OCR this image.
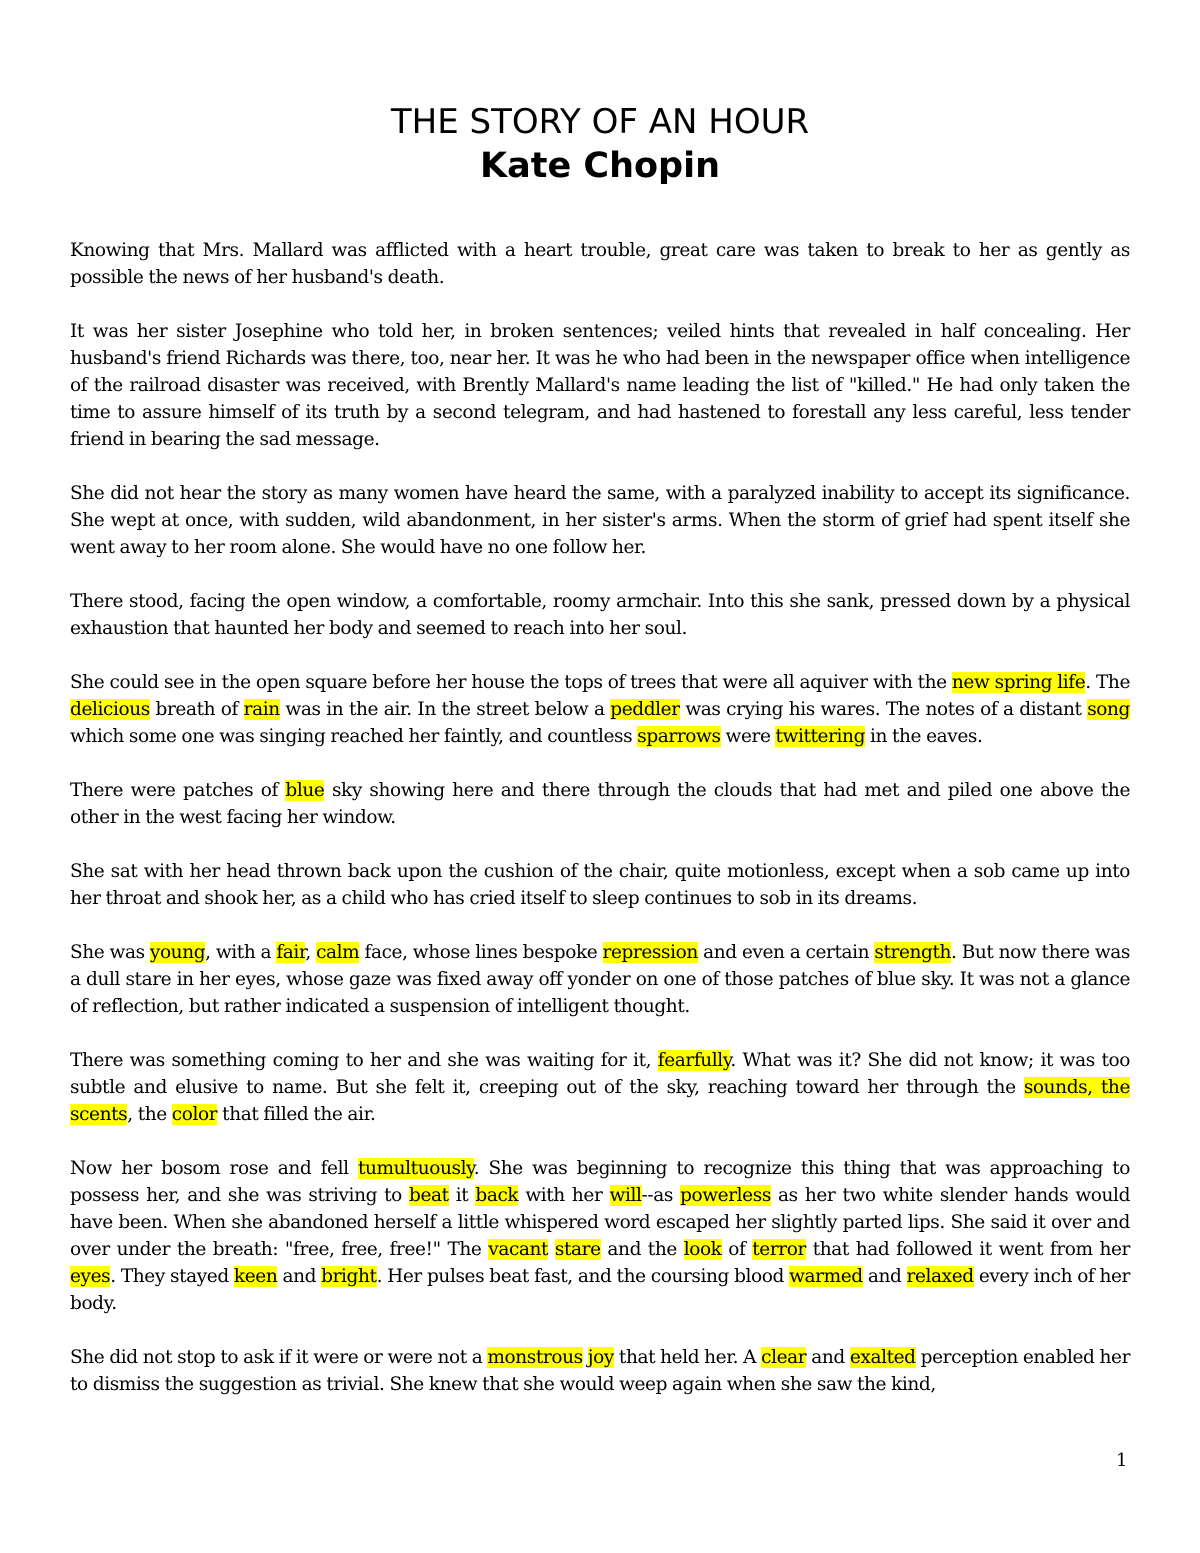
THE STORY OF AN HOUR
Kate Chopin

Knowing that Mrs. Mallard was afflicted with a heart trouble, great care was taken to break to her as gently as possible the news of her husband's death.

It was her sister Josephine who told her, in broken sentences; veiled hints that revealed in half concealing. Her husband's friend Richards was there, too, near her. It was he who had been in the newspaper office when intelligence of the railroad disaster was received, with Brently Mallard's name leading the list of "killed." He had only taken the time to assure himself of its truth by a second telegram, and had hastened to forestall any less careful, less tender friend in bearing the sad message.

She did not hear the story as many women have heard the same, with a paralyzed inability to accept its significance. She wept at once, with sudden, wild abandonment, in her sister's arms. When the storm of grief had spent itself she went away to her room alone. She would have no one follow her.

There stood, facing the open window, a comfortable, roomy armchair. Into this she sank, pressed down by a physical exhaustion that haunted her body and seemed to reach into her soul.

She could see in the open square before her house the tops of trees that were all aquiver with the new spring life. The delicious breath of rain was in the air. In the street below a peddler was crying his wares. The notes of a distant song which some one was singing reached her faintly, and countless sparrows were twittering in the eaves.

There were patches of blue sky showing here and there through the clouds that had met and piled one above the other in the west facing her window.

She sat with her head thrown back upon the cushion of the chair, quite motionless, except when a sob came up into her throat and shook her, as a child who has cried itself to sleep continues to sob in its dreams.

She was young, with a fair, calm face, whose lines bespoke repression and even a certain strength. But now there was a dull stare in her eyes, whose gaze was fixed away off yonder on one of those patches of blue sky. It was not a glance of reflection, but rather indicated a suspension of intelligent thought.

There was something coming to her and she was waiting for it, fearfully. What was it? She did not know; it was too subtle and elusive to name. But she felt it, creeping out of the sky, reaching toward her through the sounds, the scents, the color that filled the air.

Now her bosom rose and fell tumultuously. She was beginning to recognize this thing that was approaching to possess her, and she was striving to beat it back with her will--as powerless as her two white slender hands would have been. When she abandoned herself a little whispered word escaped her slightly parted lips. She said it over and over under the breath: "free, free, free!" The vacant stare and the look of terror that had followed it went from her eyes. They stayed keen and bright. Her pulses beat fast, and the coursing blood warmed and relaxed every inch of her body.

She did not stop to ask if it were or were not a monstrous joy that held her. A clear and exalted perception enabled her to dismiss the suggestion as trivial. She knew that she would weep again when she saw the kind,

1
